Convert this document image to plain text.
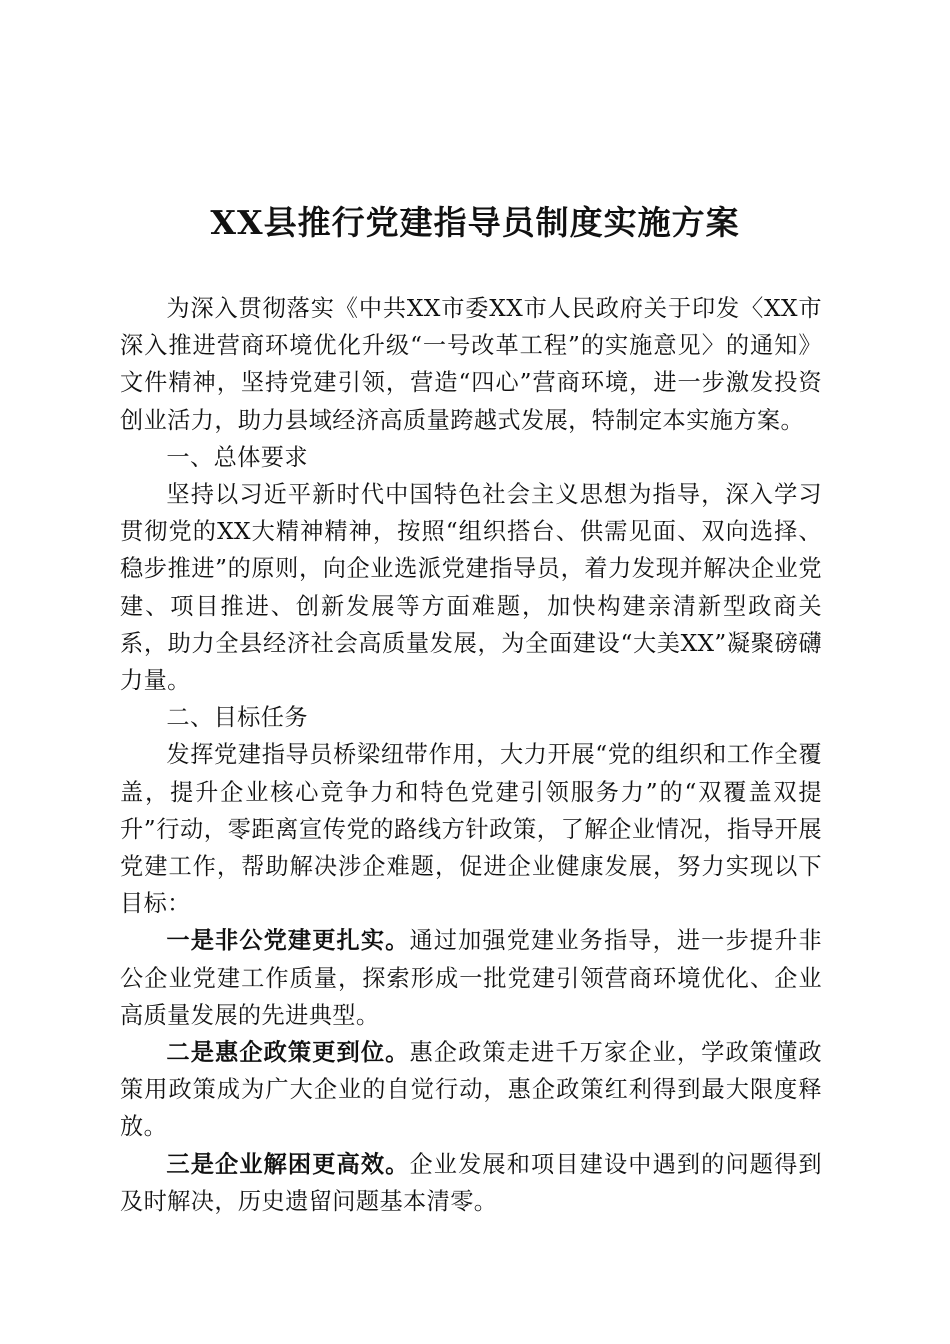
XX县推行党建指导员制度实施方案

为深入贯彻落实《中共XX市委XX市人民政府关于印发〈XX市深入推进营商环境优化升级“一号改革工程”的实施意见〉的通知》文件精神，坚持党建引领，营造“四心”营商环境，进一步激发投资创业活力，助力县域经济高质量跨越式发展，特制定本实施方案。

一、总体要求

坚持以习近平新时代中国特色社会主义思想为指导，深入学习贯彻党的XX大精神精神，按照“组织搭台、供需见面、双向选择、稳步推进”的原则，向企业选派党建指导员，着力发现并解决企业党建、项目推进、创新发展等方面难题，加快构建亲清新型政商关系，助力全县经济社会高质量发展，为全面建设“大美XX”凝聚磅礴力量。

二、目标任务

发挥党建指导员桥梁纽带作用，大力开展“党的组织和工作全覆盖，提升企业核心竞争力和特色党建引领服务力”的“双覆盖双提升”行动，零距离宣传党的路线方针政策，了解企业情况，指导开展党建工作，帮助解决涉企难题，促进企业健康发展，努力实现以下目标：

一是非公党建更扎实。通过加强党建业务指导，进一步提升非公企业党建工作质量，探索形成一批党建引领营商环境优化、企业高质量发展的先进典型。

二是惠企政策更到位。惠企政策走进千万家企业，学政策懂政策用政策成为广大企业的自觉行动，惠企政策红利得到最大限度释放。

三是企业解困更高效。企业发展和项目建设中遇到的问题得到及时解决，历史遗留问题基本清零。
